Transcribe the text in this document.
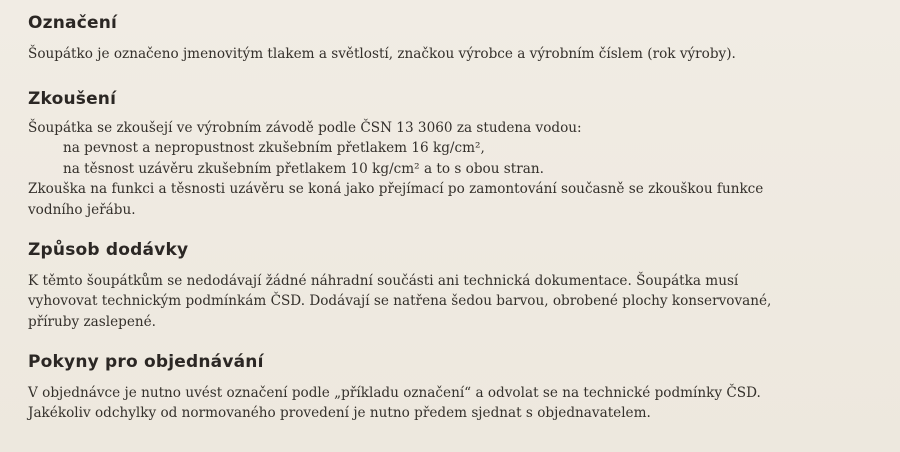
Označení

Šoupátko je označeno jmenovitým tlakem a světlostí, značkou výrobce a výrobním číslem (rok výroby).

Zkoušení

Šoupátka se zkoušejí ve výrobním závodě podle ČSN 13 3060 za studena vodou:

na pevnost a nepropustnost zkušebním přetlakem 16 kg/cm²,

na těsnost uzávěru zkušebním přetlakem 10 kg/cm² a to s obou stran.

Zkouška na funkci a těsnosti uzávěru se koná jako přejímací po zamontování současně se zkouškou funkce

vodního jeřábu.

Způsob dodávky

K těmto šoupátkům se nedodávají žádné náhradní součásti ani technická dokumentace. Šoupátka musí

vyhovovat technickým podmínkám ČSD. Dodávají se natřena šedou barvou, obrobené plochy konservované,

příruby zaslepené.

Pokyny pro objednávání

V objednávce je nutno uvést označení podle „příkladu označení“ a odvolat se na technické podmínky ČSD.

Jakékoliv odchylky od normovaného provedení je nutno předem sjednat s objednavatelem.
